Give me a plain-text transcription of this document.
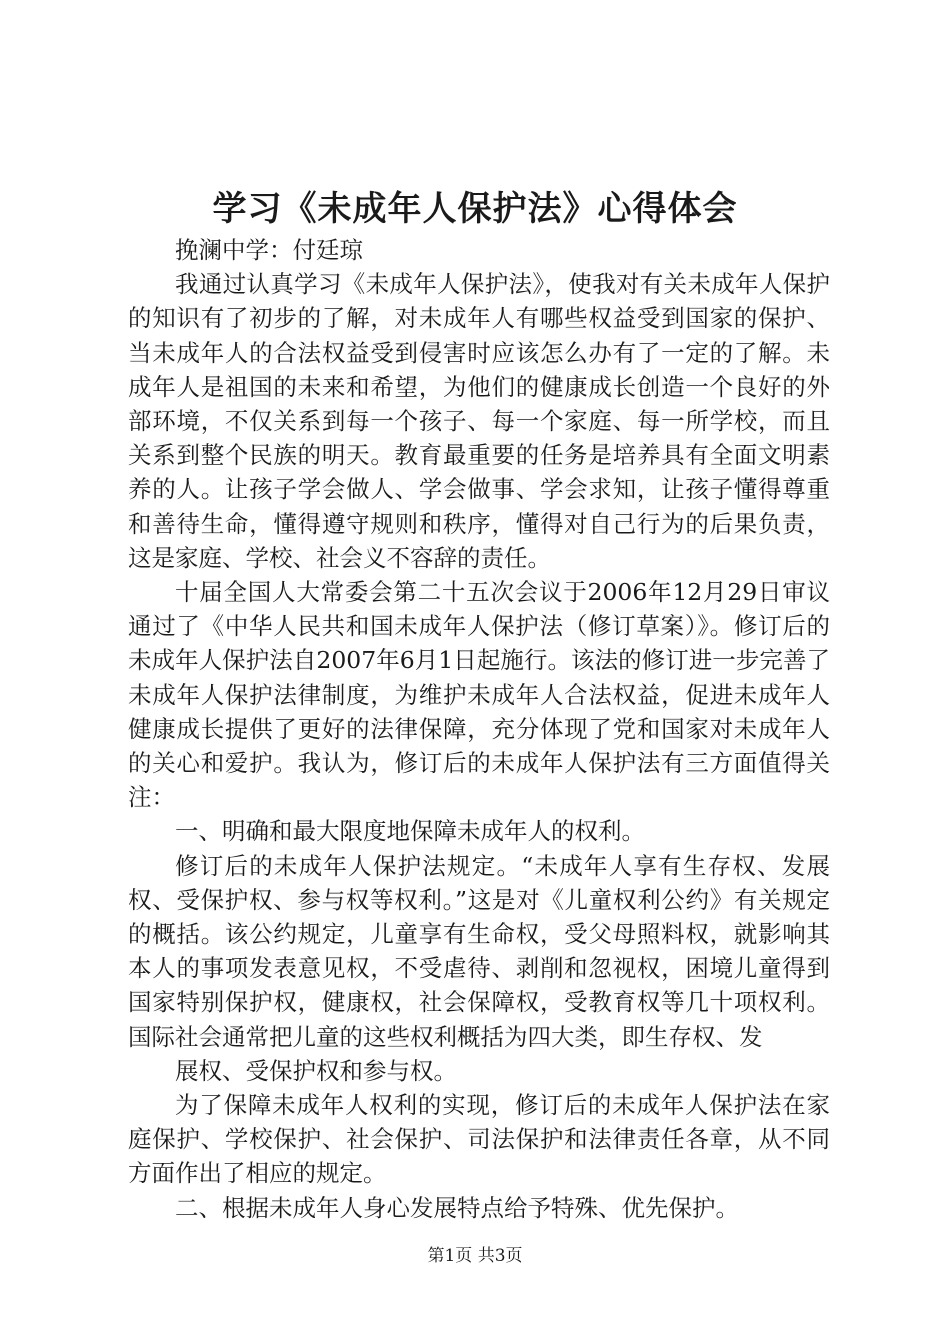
学习《未成年人保护法》心得体会

挽澜中学：付廷琼

我通过认真学习《未成年人保护法》，使我对有关未成年人保护的知识有了初步的了解，对未成年人有哪些权益受到国家的保护、当未成年人的合法权益受到侵害时应该怎么办有了一定的了解。未成年人是祖国的未来和希望，为他们的健康成长创造一个良好的外部环境，不仅关系到每一个孩子、每一个家庭、每一所学校，而且关系到整个民族的明天。教育最重要的任务是培养具有全面文明素养的人。让孩子学会做人、学会做事、学会求知，让孩子懂得尊重和善待生命，懂得遵守规则和秩序，懂得对自己行为的后果负责，这是家庭、学校、社会义不容辞的责任。

十届全国人大常委会第二十五次会议于2006年12月29日审议通过了《中华人民共和国未成年人保护法（修订草案）》。修订后的未成年人保护法自2007年6月1日起施行。该法的修订进一步完善了未成年人保护法律制度，为维护未成年人合法权益，促进未成年人健康成长提供了更好的法律保障，充分体现了党和国家对未成年人的关心和爱护。我认为，修订后的未成年人保护法有三方面值得关注：

一、明确和最大限度地保障未成年人的权利。

修订后的未成年人保护法规定。“未成年人享有生存权、发展权、受保护权、参与权等权利。”这是对《儿童权利公约》有关规定的概括。该公约规定，儿童享有生命权，受父母照料权，就影响其本人的事项发表意见权，不受虐待、剥削和忽视权，困境儿童得到国家特别保护权，健康权，社会保障权，受教育权等几十项权利。国际社会通常把儿童的这些权利概括为四大类，即生存权、发

展权、受保护权和参与权。

为了保障未成年人权利的实现，修订后的未成年人保护法在家庭保护、学校保护、社会保护、司法保护和法律责任各章，从不同方面作出了相应的规定。

二、根据未成年人身心发展特点给予特殊、优先保护。

第1页 共3页
